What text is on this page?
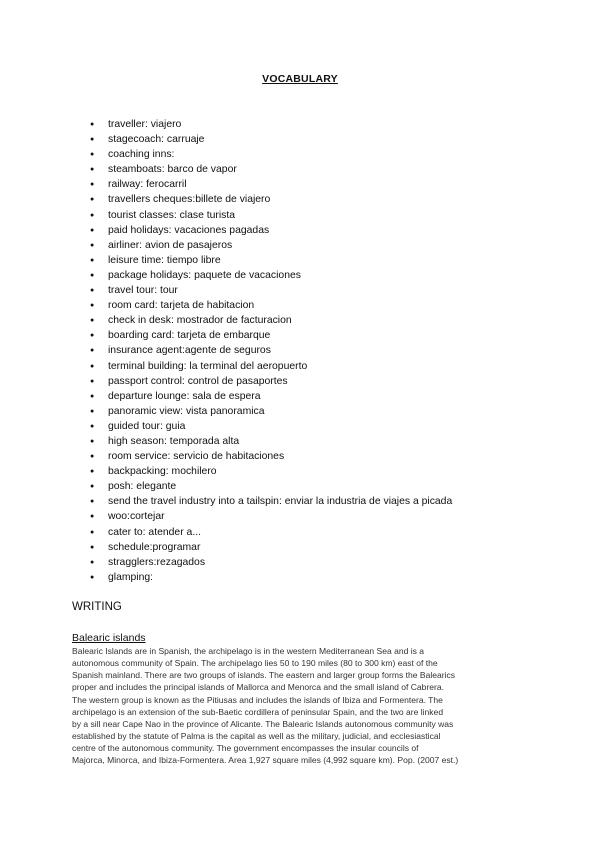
VOCABULARY
● traveller: viajero
● stagecoach: carruaje
● coaching inns:
● steamboats: barco de vapor
● railway: ferocarril
● travellers cheques:billete de viajero
● tourist classes: clase turista
● paid holidays: vacaciones pagadas
● airliner: avion de pasajeros
● leisure time: tiempo libre
● package holidays: paquete de vacaciones
● travel tour: tour
● room card: tarjeta de habitacion
● check in desk: mostrador de facturacion
● boarding card: tarjeta de embarque
● insurance agent:agente de seguros
● terminal building: la terminal del aeropuerto
● passport control: control de pasaportes
● departure lounge: sala de espera
● panoramic view: vista panoramica
● guided tour: guia
● high season: temporada alta
● room service: servicio de habitaciones
● backpacking: mochilero
● posh: elegante
● send the travel industry into a tailspin: enviar la industria de viajes a picada
● woo:cortejar
● cater to: atender a...
● schedule:programar
● stragglers:rezagados
● glamping:
WRITING
Balearic islands
Balearic Islands are in Spanish, the archipelago is in the western Mediterranean Sea and is a
autonomous community of Spain. The archipelago lies 50 to 190 miles (80 to 300 km) east of the
Spanish mainland. There are two groups of islands. The eastern and larger group forms the Balearics
proper and includes the principal islands of Mallorca and Menorca and the small island of Cabrera.
The western group is known as the Pitiusas and includes the islands of Ibiza and Formentera. The
archipelago is an extension of the sub-Baetic cordillera of peninsular Spain, and the two are linked
by a sill near Cape Nao in the province of Alicante. The Balearic Islands autonomous community was
established by the statute of Palma is the capital as well as the military, judicial, and ecclesiastical
centre of the autonomous community. The government encompasses the insular councils of
Majorca, Minorca, and Ibiza-Formentera. Area 1,927 square miles (4,992 square km). Pop. (2007 est.)
